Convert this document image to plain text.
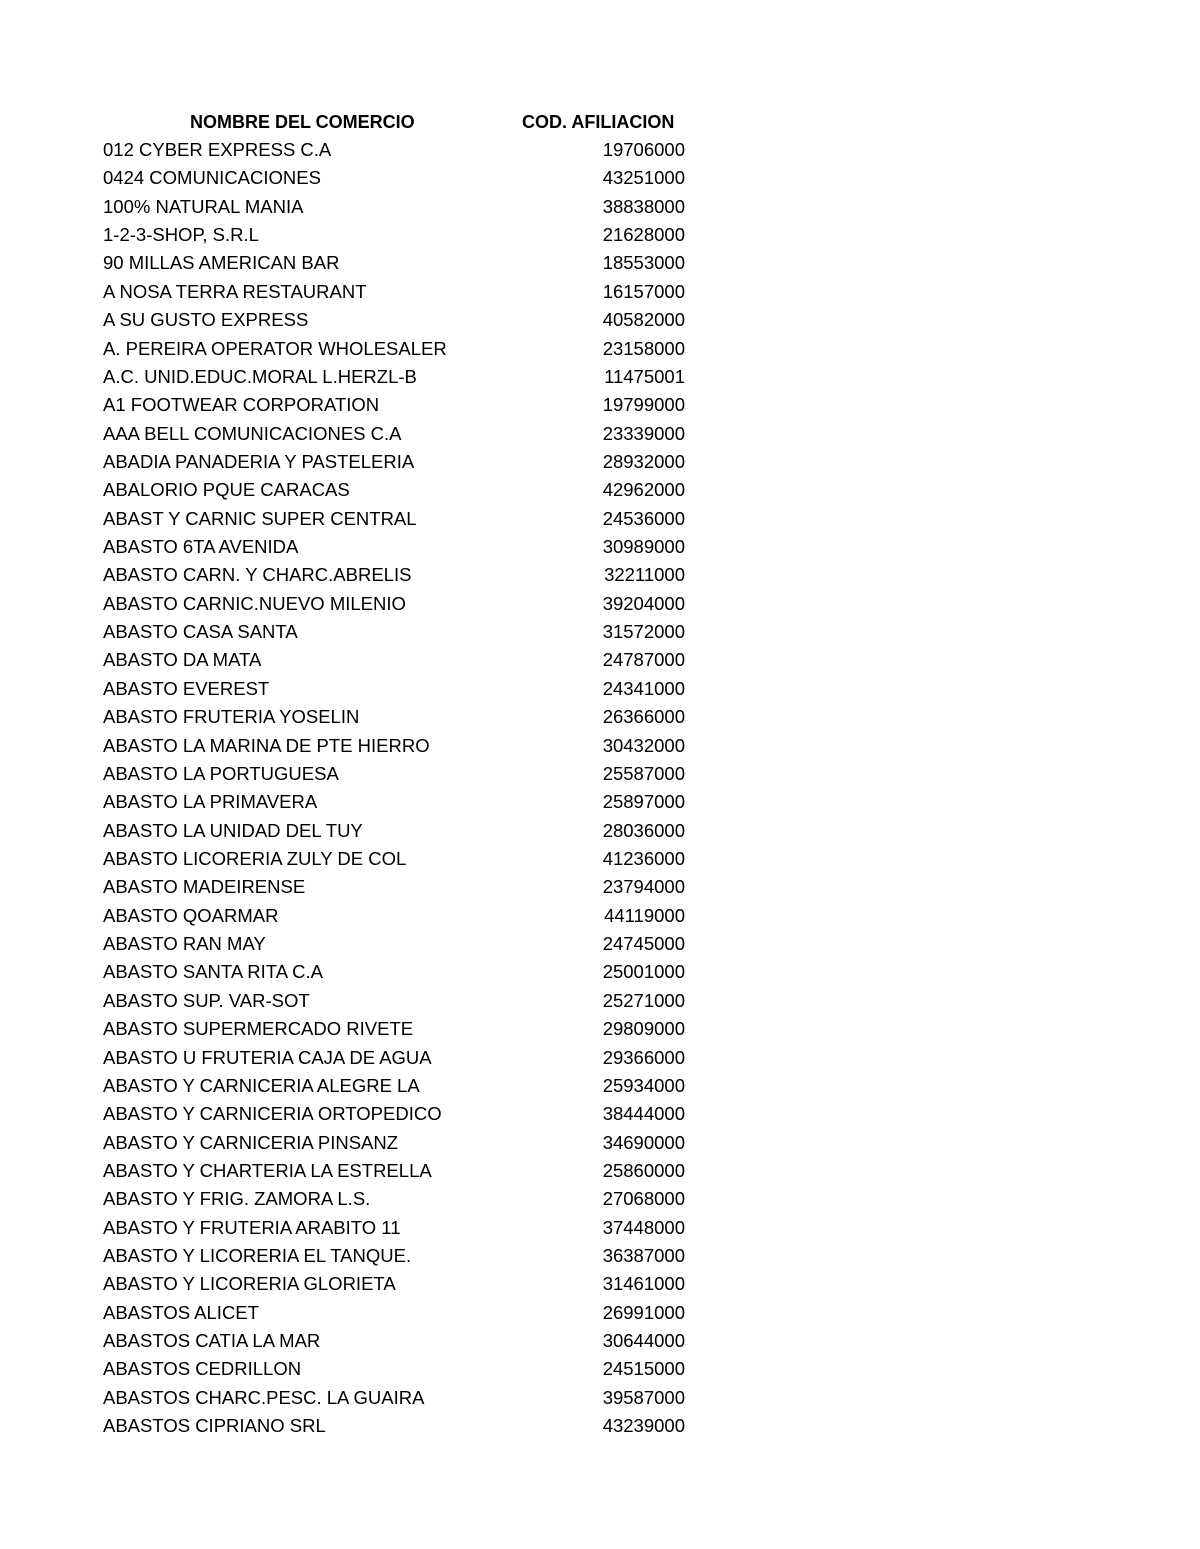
NOMBRE DEL COMERCIO	COD. AFILIACION
012 CYBER EXPRESS C.A	19706000
0424 COMUNICACIONES	43251000
100% NATURAL MANIA	38838000
1-2-3-SHOP, S.R.L	21628000
90 MILLAS AMERICAN BAR	18553000
A NOSA TERRA RESTAURANT	16157000
A SU GUSTO EXPRESS	40582000
A. PEREIRA OPERATOR WHOLESALER	23158000
A.C. UNID.EDUC.MORAL L.HERZL-B	11475001
A1 FOOTWEAR CORPORATION	19799000
AAA BELL COMUNICACIONES C.A	23339000
ABADIA PANADERIA Y PASTELERIA	28932000
ABALORIO PQUE CARACAS	42962000
ABAST Y CARNIC SUPER CENTRAL	24536000
ABASTO 6TA AVENIDA	30989000
ABASTO CARN. Y CHARC.ABRELIS	32211000
ABASTO CARNIC.NUEVO MILENIO	39204000
ABASTO CASA SANTA	31572000
ABASTO DA MATA	24787000
ABASTO EVEREST	24341000
ABASTO FRUTERIA YOSELIN	26366000
ABASTO LA MARINA DE PTE HIERRO	30432000
ABASTO LA PORTUGUESA	25587000
ABASTO LA PRIMAVERA	25897000
ABASTO LA UNIDAD DEL TUY	28036000
ABASTO LICORERIA ZULY DE COL	41236000
ABASTO MADEIRENSE	23794000
ABASTO QOARMAR	44119000
ABASTO RAN MAY	24745000
ABASTO SANTA RITA C.A	25001000
ABASTO SUP. VAR-SOT	25271000
ABASTO SUPERMERCADO RIVETE	29809000
ABASTO U FRUTERIA CAJA DE AGUA	29366000
ABASTO Y CARNICERIA ALEGRE LA	25934000
ABASTO Y CARNICERIA ORTOPEDICO	38444000
ABASTO Y CARNICERIA PINSANZ	34690000
ABASTO Y CHARTERIA LA ESTRELLA	25860000
ABASTO Y FRIG. ZAMORA L.S.	27068000
ABASTO Y FRUTERIA ARABITO 11	37448000
ABASTO Y LICORERIA EL TANQUE.	36387000
ABASTO Y LICORERIA GLORIETA	31461000
ABASTOS ALICET	26991000
ABASTOS CATIA LA MAR	30644000
ABASTOS CEDRILLON	24515000
ABASTOS CHARC.PESC. LA GUAIRA	39587000
ABASTOS CIPRIANO SRL	43239000
